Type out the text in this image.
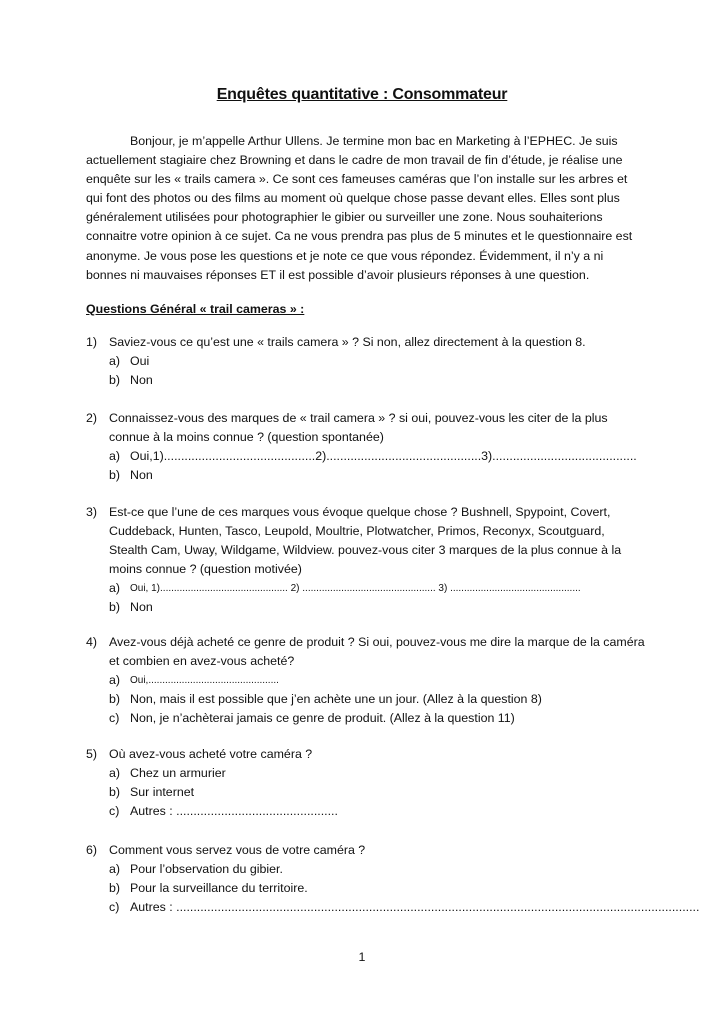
Enquêtes quantitative : Consommateur

Bonjour, je m’appelle Arthur Ullens. Je termine mon bac en Marketing à l’EPHEC. Je suis actuellement stagiaire chez Browning et dans le cadre de mon travail de fin d’étude, je réalise une enquête sur les « trails camera ». Ce sont ces fameuses caméras que l’on installe sur les arbres et qui font des photos ou des films au moment où quelque chose passe devant elles. Elles sont plus généralement utilisées pour photographier le gibier ou surveiller une zone. Nous souhaiterions connaitre votre opinion à ce sujet. Ca ne vous prendra pas plus de 5 minutes et le questionnaire est anonyme. Je vous pose les questions et je note ce que vous répondez. Évidemment, il n’y a ni bonnes ni mauvaises réponses ET il est possible d’avoir plusieurs réponses à une question.

Questions Général « trail cameras » :
1) Saviez-vous ce qu’est une « trails camera » ? Si non, allez directement à la question 8.
a) Oui
b) Non
2) Connaissez-vous des marques de « trail camera » ? si oui, pouvez-vous les citer de la plus connue à la moins connue ? (question spontanée)
a) Oui,1)............................................2).............................................3)..........................................
b) Non
3) Est-ce que l’une de ces marques vous évoque quelque chose ? Bushnell, Spypoint, Covert, Cuddeback, Hunten, Tasco, Leupold, Moultrie, Plotwatcher, Primos, Reconyx, Scoutguard, Stealth Cam, Uway, Wildgame, Wildview. pouvez-vous citer 3 marques de la plus connue à la moins connue ? (question motivée)
a) Oui, 1).............................................. 2) ................................................ 3) ...............................................
b) Non
4) Avez-vous déjà acheté ce genre de produit ? Si oui, pouvez-vous me dire la marque de la caméra et combien en avez-vous acheté?
a) Oui,...............................................
b) Non, mais il est possible que j’en achète une un jour. (Allez à la question 8)
c) Non, je n’achèterai jamais ce genre de produit. (Allez à la question 11)
5) Où avez-vous acheté votre caméra ?
a) Chez un armurier
b) Sur internet
c) Autres : ...............................................
6) Comment vous servez vous de votre caméra ?
a) Pour l’observation du gibier.
b) Pour la surveillance du territoire.
c) Autres : ........................................................................................................................................................
1
